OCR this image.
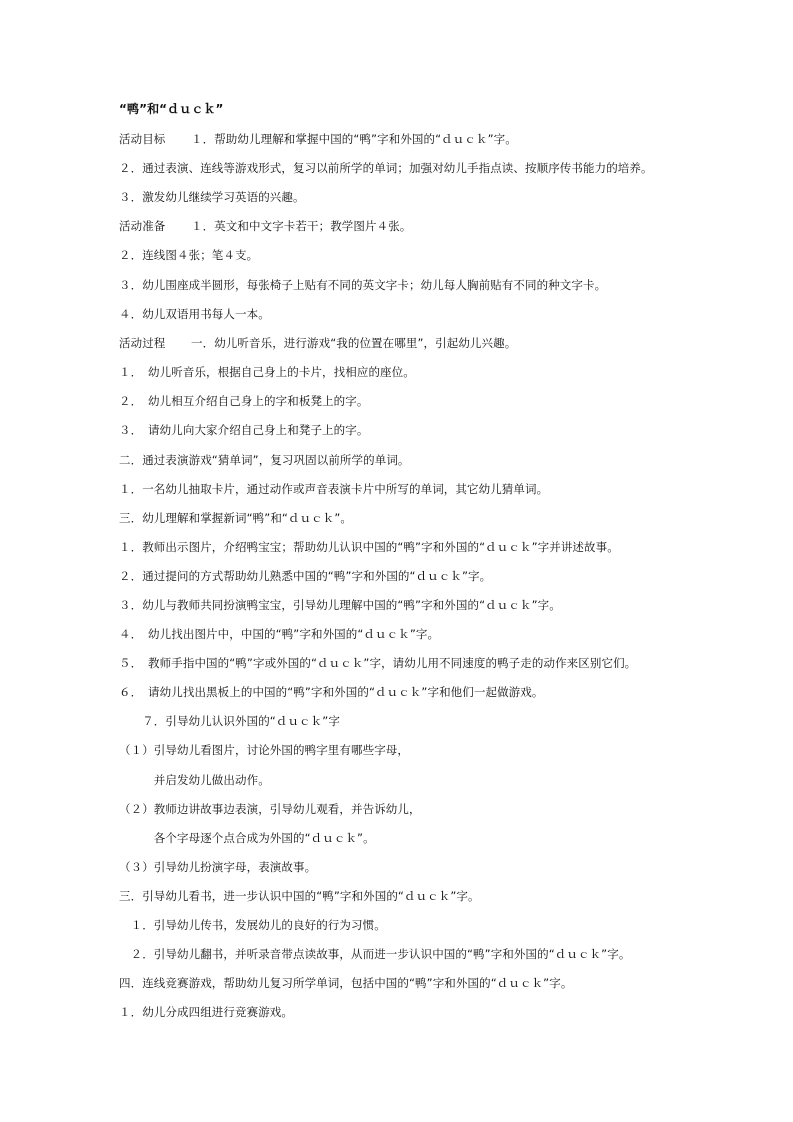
“鸭”和“ｄｕｃｋ”
活动目标 １．帮助幼儿理解和掌握中国的“鸭”字和外国的“ｄｕｃｋ”字。
２．通过表演、连线等游戏形式，复习以前所学的单词；加强对幼儿手指点读、按顺序传书能力的培养。
３．激发幼儿继续学习英语的兴趣。
活动准备 １．英文和中文字卡若干；教学图片４张。
２．连线图４张；笔４支。
３．幼儿围座成半圆形，每张椅子上贴有不同的英文字卡；幼儿每人胸前贴有不同的种文字卡。
４．幼儿双语用书每人一本。
活动过程 一．幼儿听音乐，进行游戏“我的位置在哪里”，引起幼儿兴趣。
１．　幼儿听音乐，根据自己身上的卡片，找相应的座位。
２．　幼儿相互介绍自己身上的字和板凳上的字。
３．　请幼儿向大家介绍自己身上和凳子上的字。
二．通过表演游戏“猜单词”，复习巩固以前所学的单词。
１．一名幼儿抽取卡片，通过动作或声音表演卡片中所写的单词，其它幼儿猜单词。
三．幼儿理解和掌握新词“鸭”和“ｄｕｃｋ”。
１．教师出示图片，介绍鸭宝宝；帮助幼儿认识中国的“鸭”字和外国的“ｄｕｃｋ”字并讲述故事。
２．通过提问的方式帮助幼儿熟悉中国的“鸭”字和外国的“ｄｕｃｋ”字。
３．幼儿与教师共同扮演鸭宝宝，引导幼儿理解中国的“鸭”字和外国的“ｄｕｃｋ”字。
４．　幼儿找出图片中，中国的“鸭”字和外国的“ｄｕｃｋ”字。
５．　教师手指中国的“鸭”字或外国的“ｄｕｃｋ”字，请幼儿用不同速度的鸭子走的动作来区别它们。
６．　请幼儿找出黑板上的中国的“鸭”字和外国的“ｄｕｃｋ”字和他们一起做游戏。
　　７．引导幼儿认识外国的“ｄｕｃｋ”字
（１）引导幼儿看图片，讨论外国的鸭字里有哪些字母，
　　　并启发幼儿做出动作。
（２）教师边讲故事边表演，引导幼儿观看，并告诉幼儿，
　　　各个字母逐个点合成为外国的“ｄｕｃｋ”。
（３）引导幼儿扮演字母，表演故事。
三．引导幼儿看书，进一步认识中国的“鸭”字和外国的“ｄｕｃｋ”字。
　１．引导幼儿传书，发展幼儿的良好的行为习惯。
　２．引导幼儿翻书，并听录音带点读故事，从而进一步认识中国的“鸭”字和外国的“ｄｕｃｋ”字。
四．连线竞赛游戏，帮助幼儿复习所学单词，包括中国的“鸭”字和外国的“ｄｕｃｋ”字。
１．幼儿分成四组进行竞赛游戏。
